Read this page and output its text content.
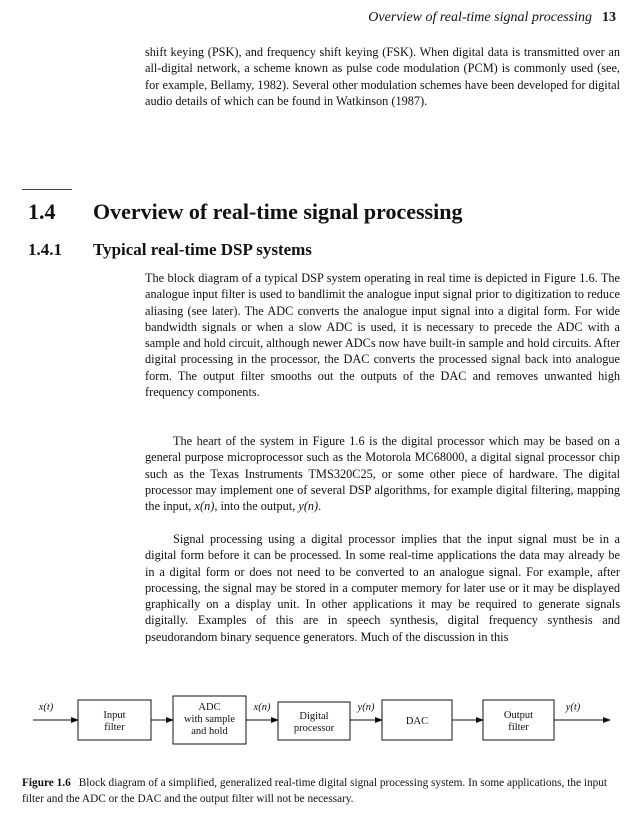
Overview of real-time signal processing 13

shift keying (PSK), and frequency shift keying (FSK). When digital data is transmitted over an all-digital network, a scheme known as pulse code modulation (PCM) is commonly used (see, for example, Bellamy, 1982). Several other modulation schemes have been developed for digital audio details of which can be found in Watkinson (1987).

1.4 Overview of real-time signal processing
1.4.1 Typical real-time DSP systems

The block diagram of a typical DSP system operating in real time is depicted in Figure 1.6. The analogue input filter is used to bandlimit the analogue input signal prior to digitization to reduce aliasing (see later). The ADC converts the analogue input signal into a digital form. For wide bandwidth signals or when a slow ADC is used, it is necessary to precede the ADC with a sample and hold circuit, although newer ADCs now have built-in sample and hold circuits. After digital processing in the processor, the DAC converts the processed signal back into analogue form. The output filter smooths out the outputs of the DAC and removes unwanted high frequency components.

The heart of the system in Figure 1.6 is the digital processor which may be based on a general purpose microprocessor such as the Motorola MC68000, a digital signal processor chip such as the Texas Instruments TMS320C25, or some other piece of hardware. The digital processor may implement one of several DSP algorithms, for example digital filtering, mapping the input, x(n), into the output, y(n).

Signal processing using a digital processor implies that the input signal must be in a digital form before it can be processed. In some real-time applications the data may already be in a digital form or does not need to be converted to an analogue signal. For example, after processing, the signal may be stored in a computer memory for later use or it may be displayed graphically on a display unit. In other applications it may be required to generate signals digitally. Examples of this are in speech synthesis, digital frequency synthesis and pseudorandom binary sequence generators. Much of the discussion in this

x(t)	x(n)	y(n)	y(t)
Input
filter
ADC
with sample
and hold
Digital
processor
DAC
Output
filter

Figure 1.6 Block diagram of a simplified, generalized real-time digital signal processing system. In some applications, the input filter and the ADC or the DAC and the output filter will not be necessary.
